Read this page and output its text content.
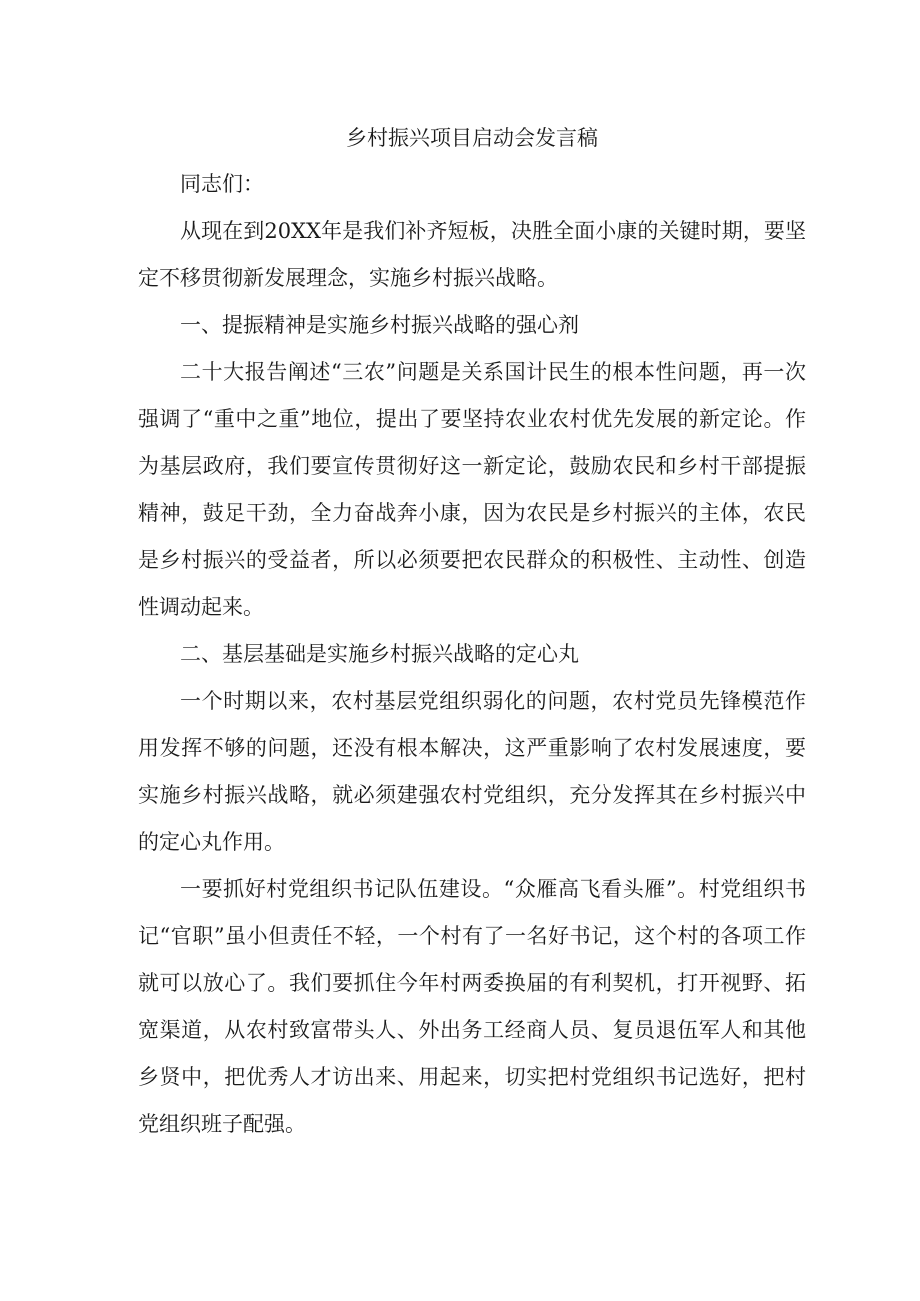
乡村振兴项目启动会发言稿

同志们：

从现在到20XX年是我们补齐短板，决胜全面小康的关键时期，要坚定不移贯彻新发展理念，实施乡村振兴战略。

一、提振精神是实施乡村振兴战略的强心剂

二十大报告阐述“三农”问题是关系国计民生的根本性问题，再一次强调了“重中之重”地位，提出了要坚持农业农村优先发展的新定论。作为基层政府，我们要宣传贯彻好这一新定论，鼓励农民和乡村干部提振精神，鼓足干劲，全力奋战奔小康，因为农民是乡村振兴的主体，农民是乡村振兴的受益者，所以必须要把农民群众的积极性、主动性、创造性调动起来。

二、基层基础是实施乡村振兴战略的定心丸

一个时期以来，农村基层党组织弱化的问题，农村党员先锋模范作用发挥不够的问题，还没有根本解决，这严重影响了农村发展速度，要实施乡村振兴战略，就必须建强农村党组织，充分发挥其在乡村振兴中的定心丸作用。

一要抓好村党组织书记队伍建设。“众雁高飞看头雁”。村党组织书记“官职”虽小但责任不轻，一个村有了一名好书记，这个村的各项工作就可以放心了。我们要抓住今年村两委换届的有利契机，打开视野、拓宽渠道，从农村致富带头人、外出务工经商人员、复员退伍军人和其他乡贤中，把优秀人才访出来、用起来，切实把村党组织书记选好，把村党组织班子配强。
